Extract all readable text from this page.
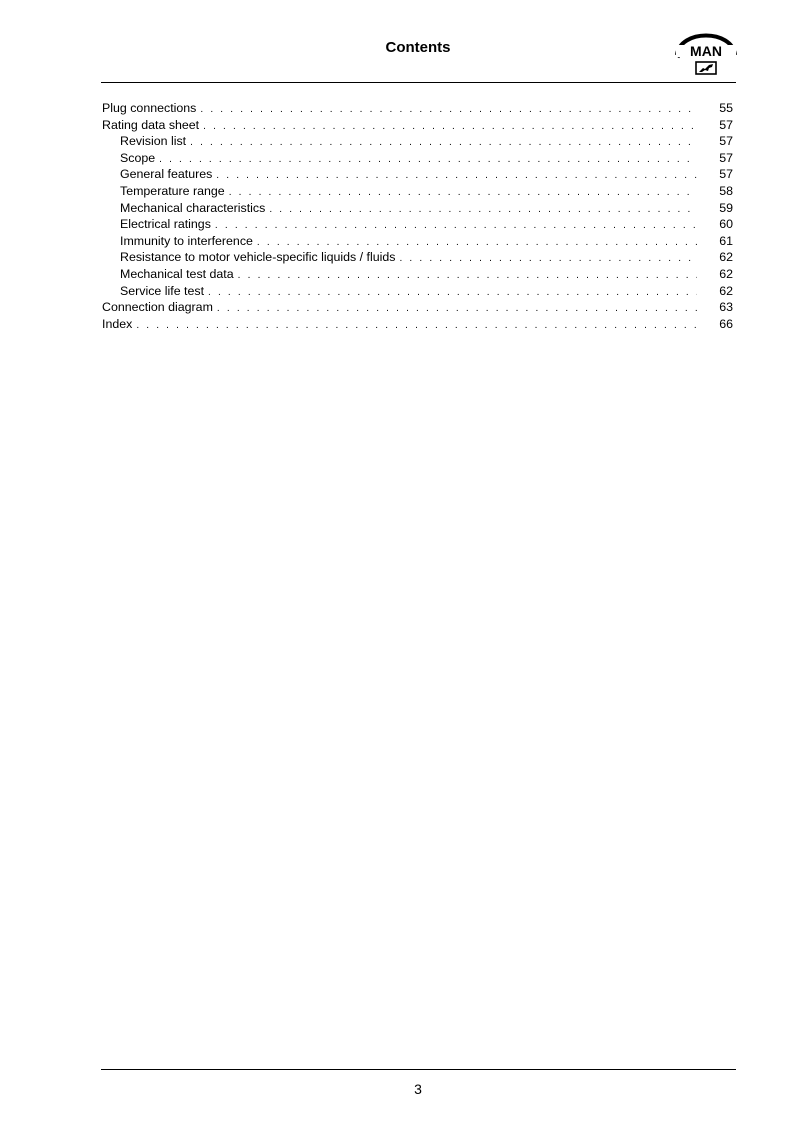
Contents	MAN
Plug connections . . .	55
Rating data sheet . . .	57
Revision list . . .	57
Scope . . .	57
General features . . .	57
Temperature range . . .	58
Mechanical characteristics . . .	59
Electrical ratings . . .	60
Immunity to interference . . .	61
Resistance to motor vehicle-specific liquids / fluids . . .	62
Mechanical test data . . .	62
Service life test . . .	62
Connection diagram . . .	63
Index . . .	66
3
